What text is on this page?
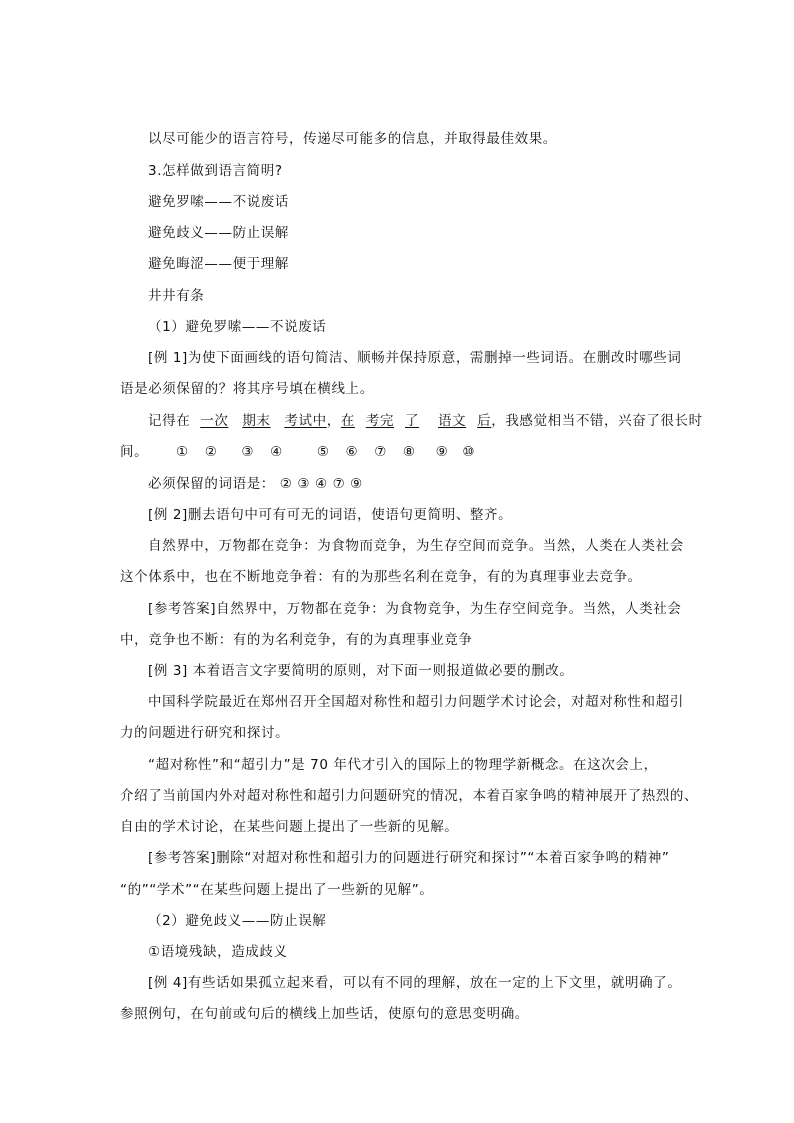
以尽可能少的语言符号，传递尽可能多的信息，并取得最佳效果。
3.怎样做到语言简明?
避免罗嗦——不说废话
避免歧义——防止误解
避免晦涩——便于理解
井井有条
（1）避免罗嗦——不说废话
[例 1]为使下面画线的语句简洁、顺畅并保持原意，需删掉一些词语。在删改时哪些词
语是必须保留的？将其序号填在横线上。
记得在 一次 期末 考试中，在 考完 了 语文 后，我感觉相当不错，兴奋了很长时
间。 ① ② ③ ④	⑤ ⑥ ⑦ ⑧ ⑨ ⑩
必须保留的词语是： ② ③ ④ ⑦ ⑨
[例 2]删去语句中可有可无的词语，使语句更简明、整齐。
自然界中，万物都在竞争：为食物而竞争，为生存空间而竞争。当然，人类在人类社会
这个体系中，也在不断地竞争着：有的为那些名利在竞争，有的为真理事业去竞争。
[参考答案]自然界中，万物都在竞争：为食物竞争，为生存空间竞争。当然，人类社会
中，竞争也不断：有的为名利竞争，有的为真理事业竞争
[例 3] 本着语言文字要简明的原则，对下面一则报道做必要的删改。
中国科学院最近在郑州召开全国超对称性和超引力问题学术讨论会，对超对称性和超引
力的问题进行研究和探讨。
“超对称性”和“超引力”是 70 年代才引入的国际上的物理学新概念。在这次会上，
介绍了当前国内外对超对称性和超引力问题研究的情况，本着百家争鸣的精神展开了热烈的、
自由的学术讨论，在某些问题上提出了一些新的见解。
[参考答案]删除“对超对称性和超引力的问题进行研究和探讨”“本着百家争鸣的精神”
“的”“学术”“在某些问题上提出了一些新的见解”。
（2）避免歧义——防止误解
①语境残缺，造成歧义
[例 4]有些话如果孤立起来看，可以有不同的理解，放在一定的上下文里，就明确了。
参照例句，在句前或句后的横线上加些话，使原句的意思变明确。
